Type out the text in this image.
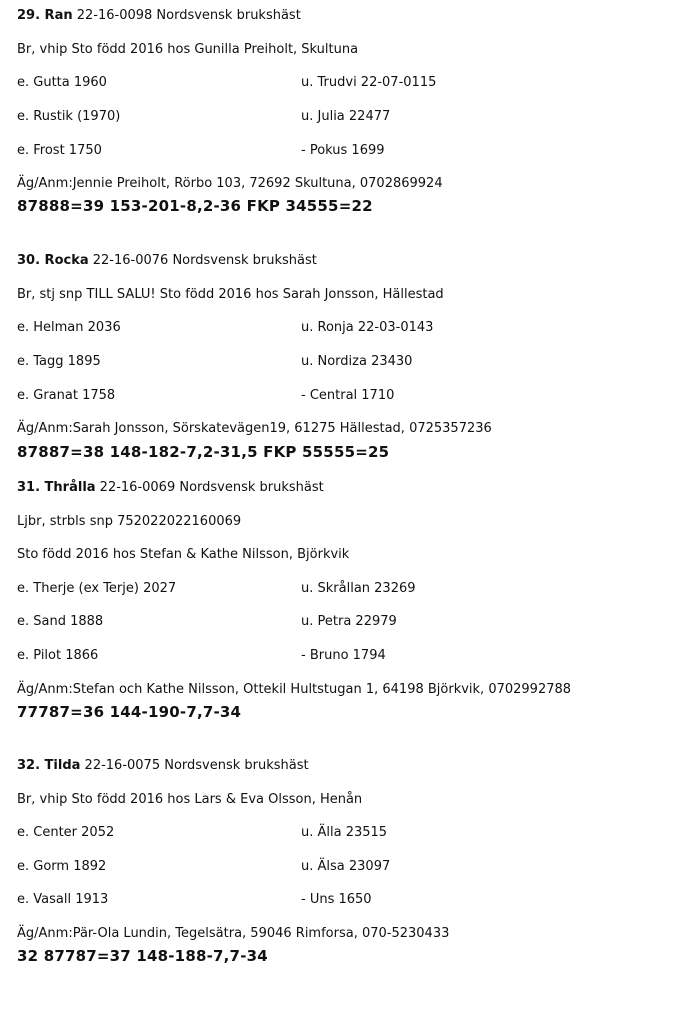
29. Ran 22-16-0098 Nordsvensk brukshäst
Br, vhip Sto född 2016 hos Gunilla Preiholt, Skultuna
e. Gutta 1960	u. Trudvi 22-07-0115
e. Rustik (1970)	u. Julia 22477
e. Frost 1750	- Pokus 1699
Äg/Anm:Jennie Preiholt, Rörbo 103, 72692 Skultuna, 0702869924
87888=39 153-201-8,2-36 FKP 34555=22
30. Rocka 22-16-0076 Nordsvensk brukshäst
Br, stj snp TILL SALU! Sto född 2016 hos Sarah Jonsson, Hällestad
e. Helman 2036	u. Ronja 22-03-0143
e. Tagg 1895	u. Nordiza 23430
e. Granat 1758	- Central 1710
Äg/Anm:Sarah Jonsson, Sörskatevägen19, 61275 Hällestad, 0725357236
87887=38 148-182-7,2-31,5 FKP 55555=25
31. Thrålla 22-16-0069 Nordsvensk brukshäst
Ljbr, strbls snp 752022022160069
Sto född 2016 hos Stefan & Kathe Nilsson, Björkvik
e. Therje (ex Terje) 2027	u. Skrållan 23269
e. Sand 1888	u. Petra 22979
e. Pilot 1866	- Bruno 1794
Äg/Anm:Stefan och Kathe Nilsson, Ottekil Hultstugan 1, 64198 Björkvik, 0702992788
77787=36 144-190-7,7-34
32. Tilda 22-16-0075 Nordsvensk brukshäst
Br, vhip Sto född 2016 hos Lars & Eva Olsson, Henån
e. Center 2052	u. Älla 23515
e. Gorm 1892	u. Älsa 23097
e. Vasall 1913	- Uns 1650
Äg/Anm:Pär-Ola Lundin, Tegelsätra, 59046 Rimforsa, 070-5230433
32 87787=37 148-188-7,7-34
